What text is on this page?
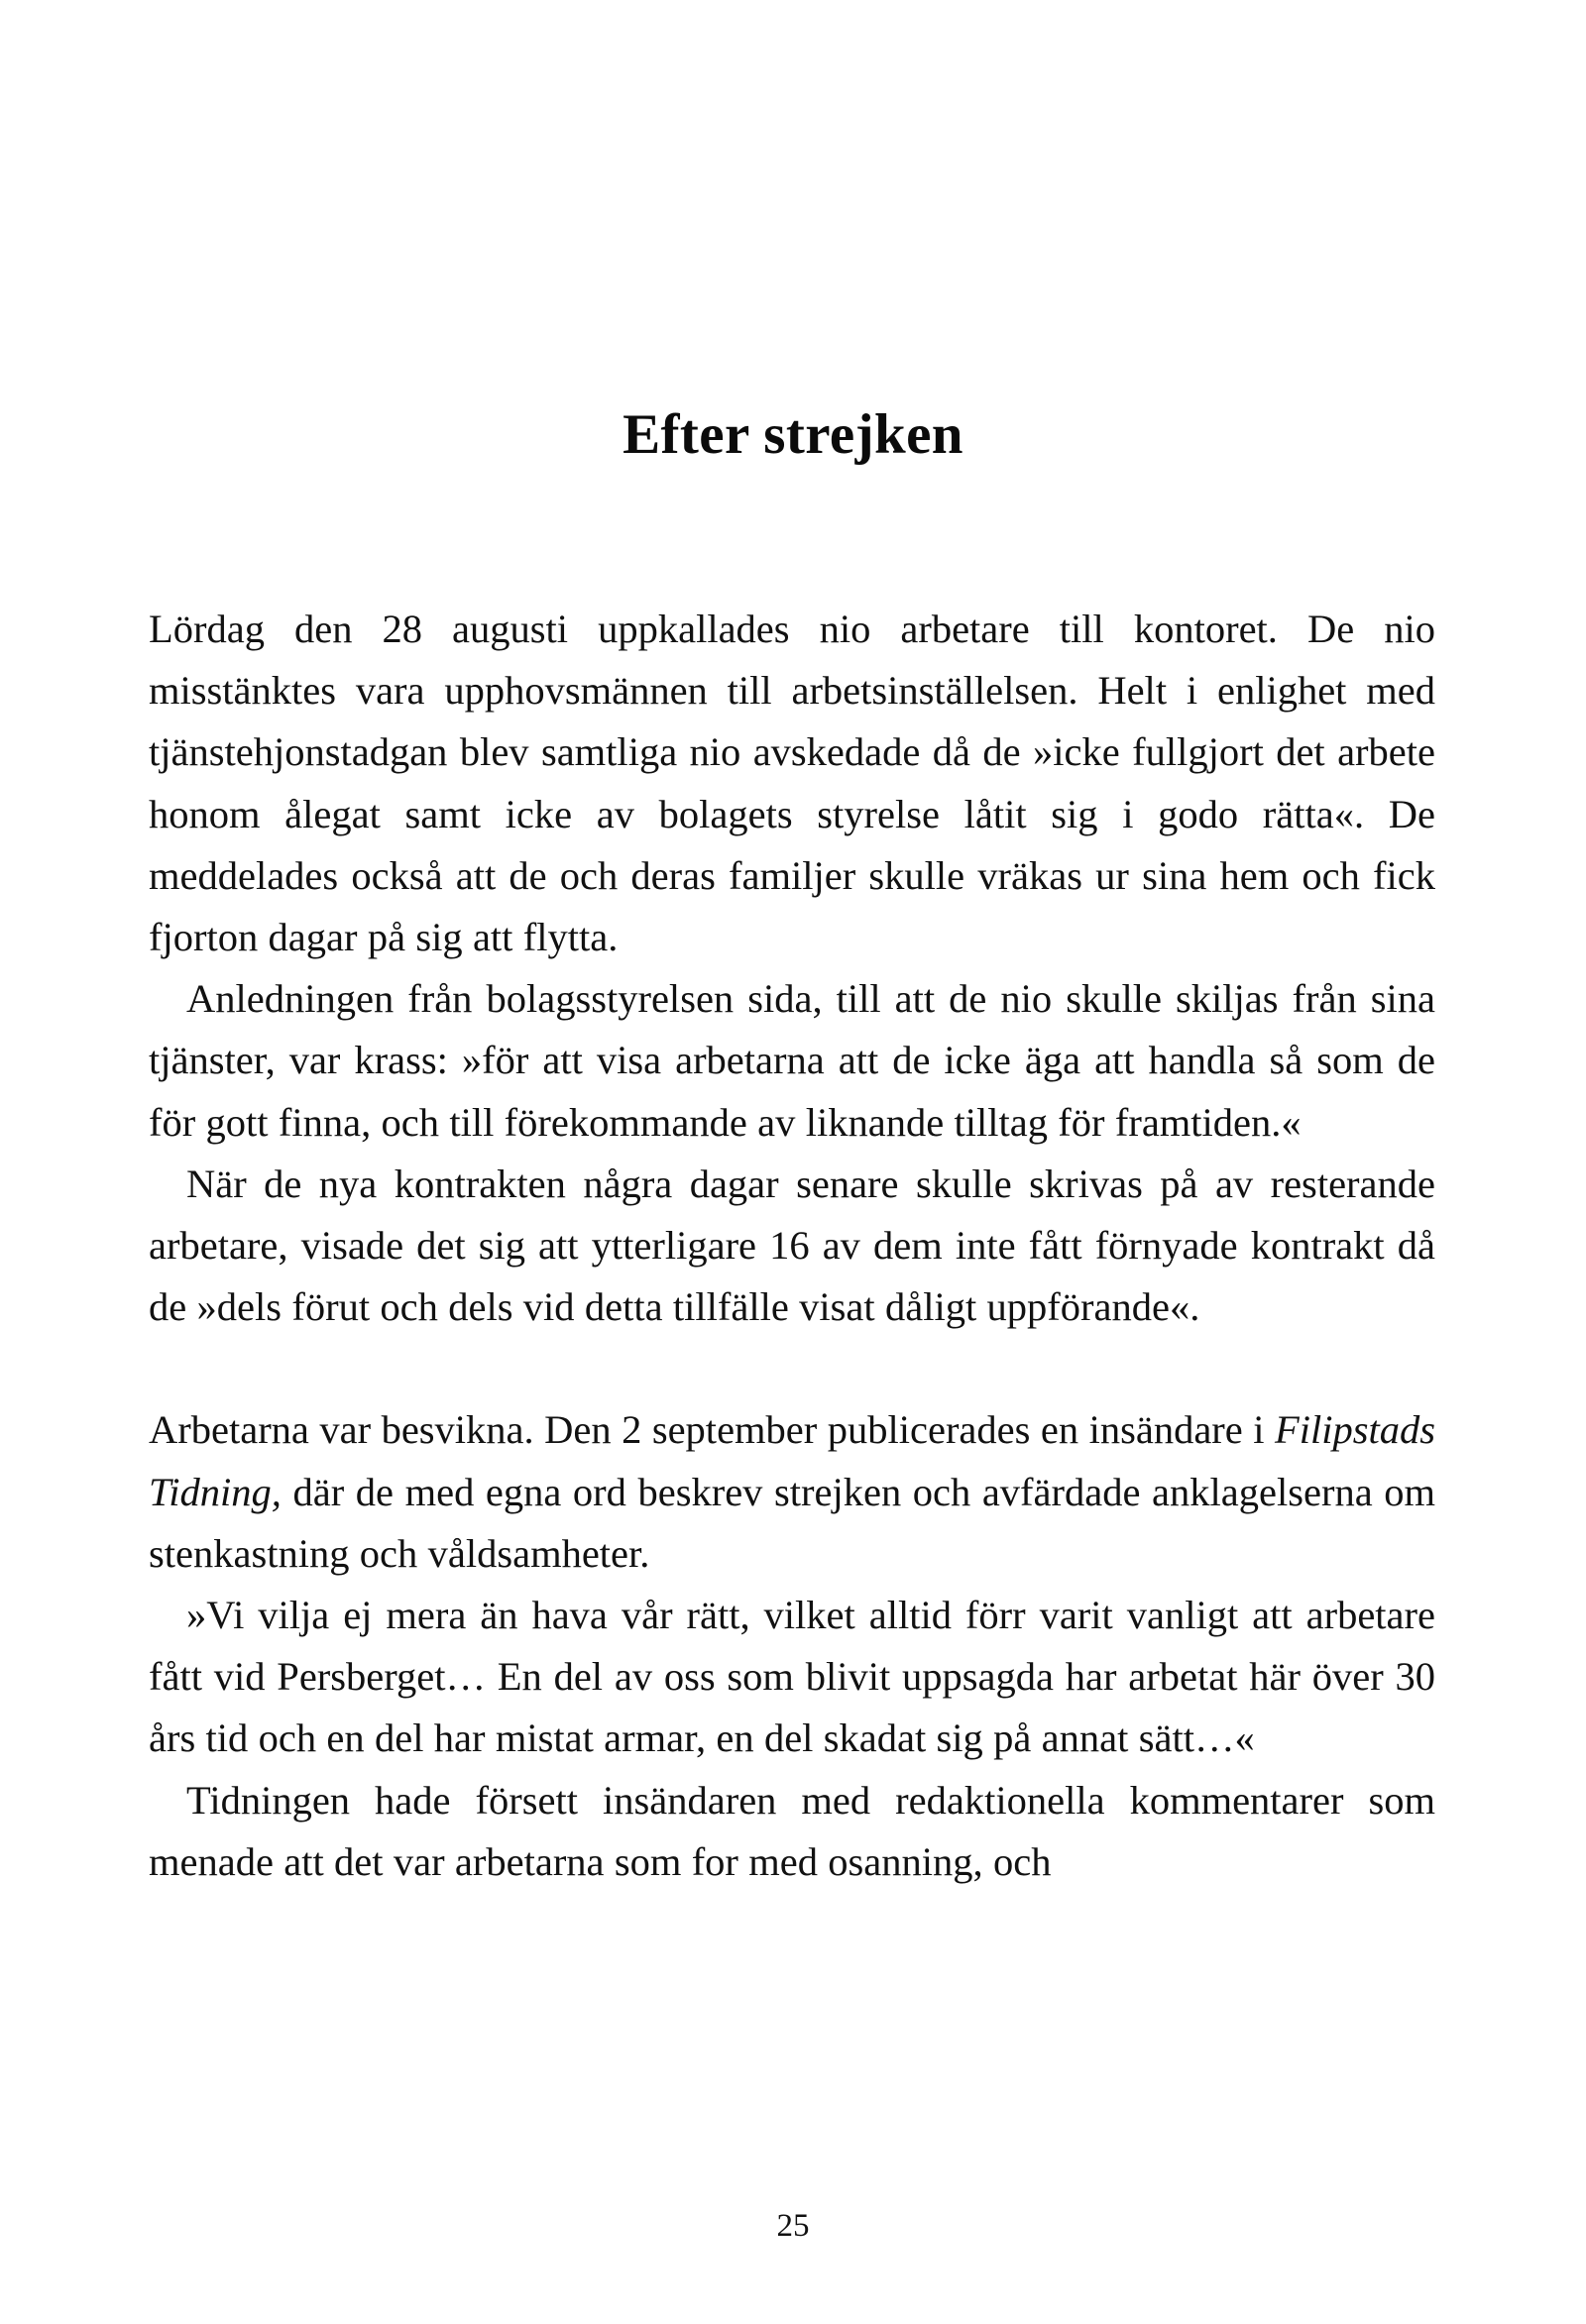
Efter strejken

Lördag den 28 augusti uppkallades nio arbetare till kontoret. De nio misstänktes vara upphovsmännen till arbetsinställelsen. Helt i enlighet med tjänstehjonstadgan blev samtliga nio avskedade då de »icke fullgjort det arbete honom ålegat samt icke av bolagets styrelse låtit sig i godo rätta«. De meddelades också att de och deras familjer skulle vräkas ur sina hem och fick fjorton dagar på sig att flytta.

Anledningen från bolagsstyrelsen sida, till att de nio skulle skiljas från sina tjänster, var krass: »för att visa arbetarna att de icke äga att handla så som de för gott finna, och till förekommande av liknande tilltag för framtiden.«

När de nya kontrakten några dagar senare skulle skrivas på av resterande arbetare, visade det sig att ytterligare 16 av dem inte fått förnyade kontrakt då de »dels förut och dels vid detta tillfälle visat dåligt uppförande«.

Arbetarna var besvikna. Den 2 september publicerades en insändare i Filipstads Tidning, där de med egna ord beskrev strejken och avfärdade anklagelserna om stenkastning och våldsamheter.

»Vi vilja ej mera än hava vår rätt, vilket alltid förr varit vanligt att arbetare fått vid Persberget… En del av oss som blivit uppsagda har arbetat här över 30 års tid och en del har mistat armar, en del skadat sig på annat sätt…«

Tidningen hade försett insändaren med redaktionella kommentarer som menade att det var arbetarna som for med osanning, och

25
